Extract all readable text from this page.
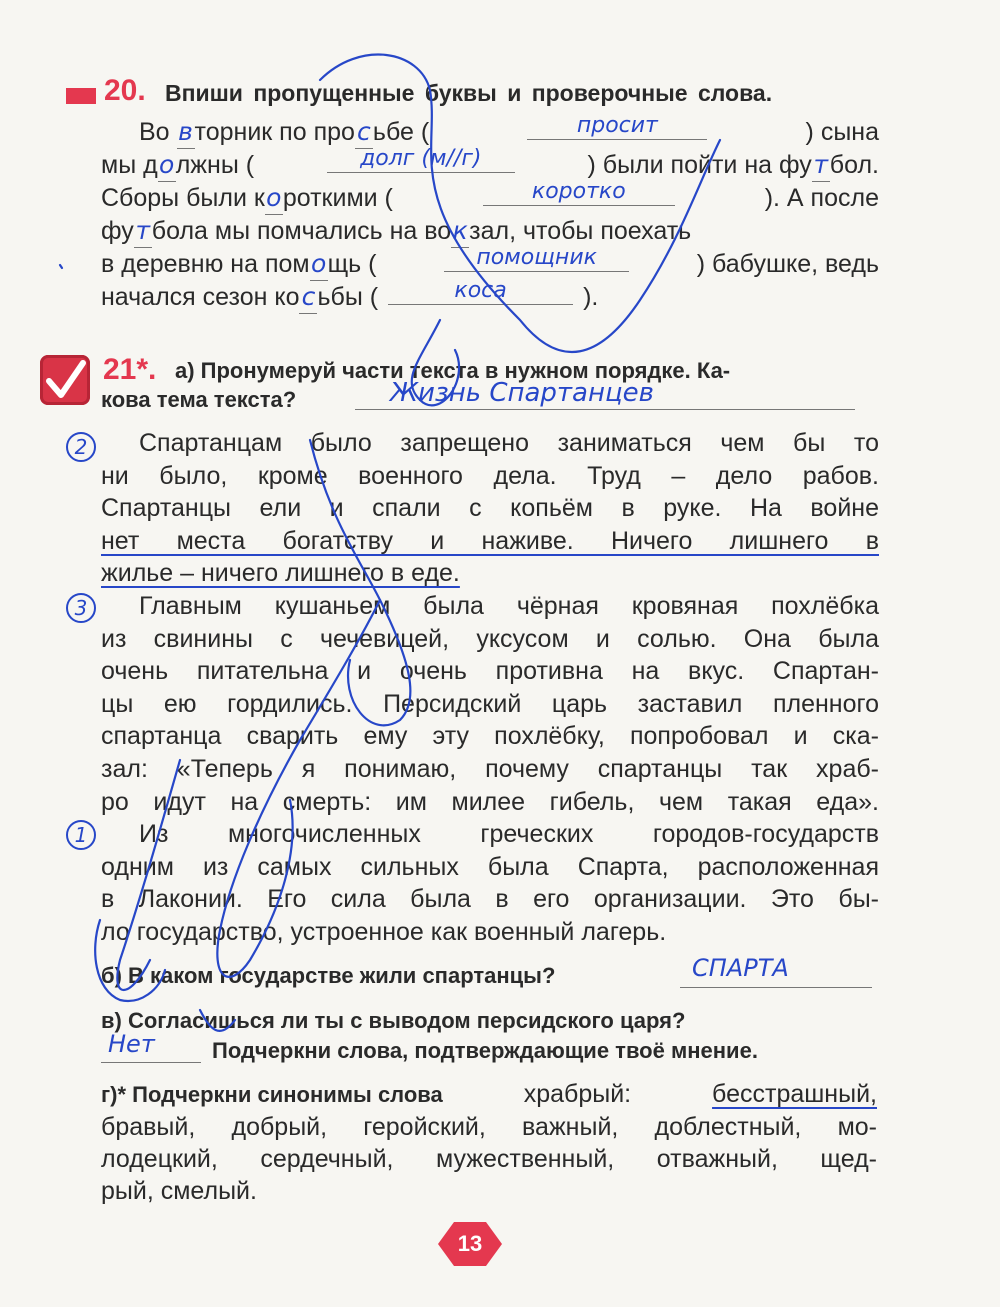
20. Впиши пропущенные буквы и проверочные слова.
Во вторник по просьбе (	просит	) сына
мы должны (	долг (м//г)	) были пойти на футбол.
Сборы были короткими (	коротко	). А после
футбола мы помчались на вокзал, чтобы поехать
в деревню на помощь (	помощник	) бабушке, ведь
начался сезон косьбы (	коса	).
21*. а) Пронумеруй части текста в нужном порядке. Ка-
кова тема текста?	Жизнь Спартанцев
2	Спартанцам было запрещено заниматься чем бы то
ни было, кроме военного дела. Труд – дело рабов.
Спартанцы ели и спали с копьём в руке. На войне
нет места богатству и наживе. Ничего лишнего в
жилье – ничего лишнего в еде.
3	Главным кушаньем была чёрная кровяная похлёбка
из свинины с чечевицей, уксусом и солью. Она была
очень питательна и очень противна на вкус. Спартан-
цы ею гордились. Персидский царь заставил пленного
спартанца сварить ему эту похлёбку, попробовал и ска-
зал: «Теперь я понимаю, почему спартанцы так храб-
ро идут на смерть: им милее гибель, чем такая еда».
1	Из многочисленных греческих городов-государств
одним из самых сильных была Спарта, расположенная
в Лаконии. Его сила была в его организации. Это бы-
ло государство, устроенное как военный лагерь.
б) В каком государстве жили спартанцы?	СПАРТА
в) Согласишься ли ты с выводом персидского царя?
Нет	Подчеркни слова, подтверждающие твоё мнение.
г)* Подчеркни синонимы слова	храбрый:	бесстрашный,
бравый, добрый, геройский, важный, доблестный, мо-
лодецкий, сердечный, мужественный, отважный, щед-
рый, смелый.
13
